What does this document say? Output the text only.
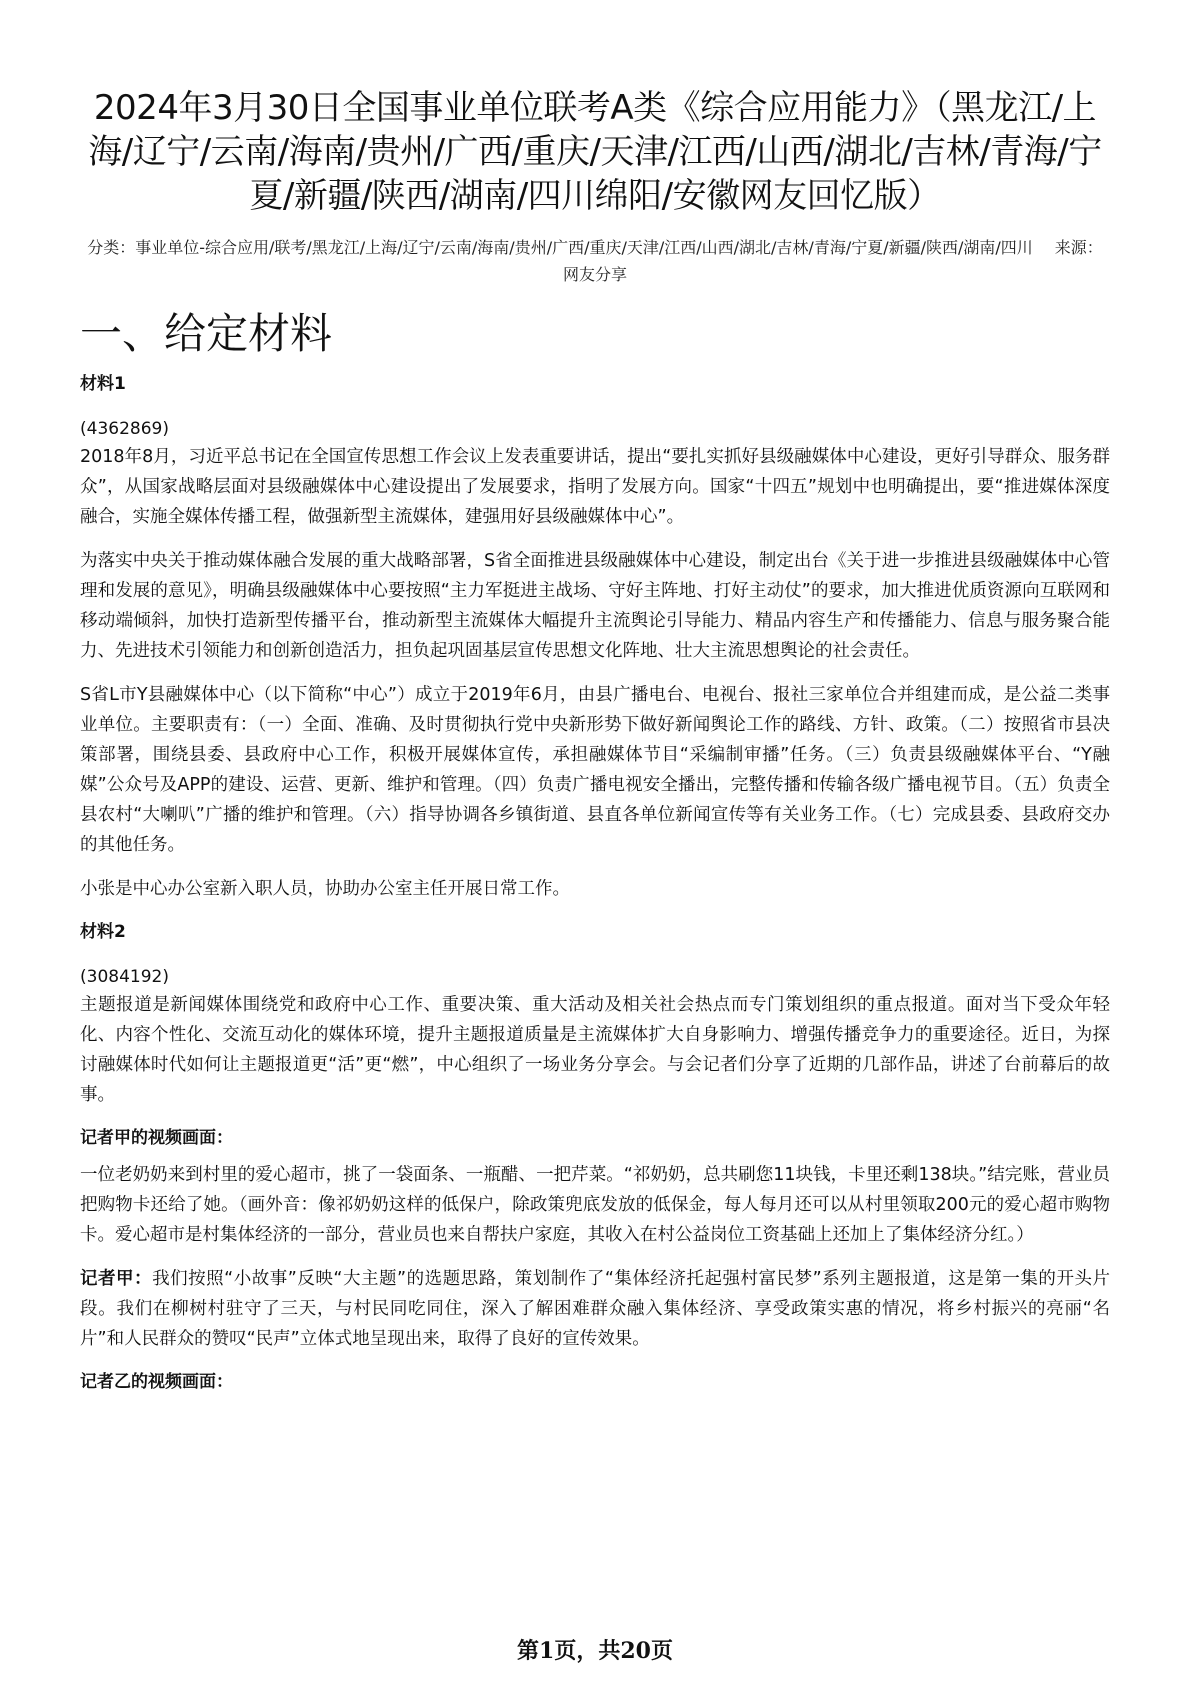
2024年3月30日全国事业单位联考A类《综合应用能力》（黑龙江/上海/辽宁/云南/海南/贵州/广西/重庆/天津/江西/山西/湖北/吉林/青海/宁夏/新疆/陕西/湖南/四川绵阳/安徽网友回忆版）
分类：事业单位-综合应用/联考/黑龙江/上海/辽宁/云南/海南/贵州/广西/重庆/天津/江西/山西/湖北/吉林/青海/宁夏/新疆/陕西/湖南/四川 来源：网友分享
一、给定材料
材料1
(4362869)

2018年8月，习近平总书记在全国宣传思想工作会议上发表重要讲话，提出“要扎实抓好县级融媒体中心建设，更好引导群众、服务群众”，从国家战略层面对县级融媒体中心建设提出了发展要求，指明了发展方向。国家“十四五”规划中也明确提出，要“推进媒体深度融合，实施全媒体传播工程，做强新型主流媒体，建强用好县级融媒体中心”。

为落实中央关于推动媒体融合发展的重大战略部署，S省全面推进县级融媒体中心建设，制定出台《关于进一步推进县级融媒体中心管理和发展的意见》，明确县级融媒体中心要按照“主力军挺进主战场、守好主阵地、打好主动仗”的要求，加大推进优质资源向互联网和移动端倾斜，加快打造新型传播平台，推动新型主流媒体大幅提升主流舆论引导能力、精品内容生产和传播能力、信息与服务聚合能力、先进技术引领能力和创新创造活力，担负起巩固基层宣传思想文化阵地、壮大主流思想舆论的社会责任。

S省L市Y县融媒体中心（以下简称“中心”）成立于2019年6月，由县广播电台、电视台、报社三家单位合并组建而成，是公益二类事业单位。主要职责有：（一）全面、准确、及时贯彻执行党中央新形势下做好新闻舆论工作的路线、方针、政策。（二）按照省市县决策部署，围绕县委、县政府中心工作，积极开展媒体宣传，承担融媒体节目“采编制审播”任务。（三）负责县级融媒体平台、“Y融媒”公众号及APP的建设、运营、更新、维护和管理。（四）负责广播电视安全播出，完整传播和传输各级广播电视节目。（五）负责全县农村“大喇叭”广播的维护和管理。（六）指导协调各乡镇街道、县直各单位新闻宣传等有关业务工作。（七）完成县委、县政府交办的其他任务。

小张是中心办公室新入职人员，协助办公室主任开展日常工作。

材料2
(3084192)

主题报道是新闻媒体围绕党和政府中心工作、重要决策、重大活动及相关社会热点而专门策划组织的重点报道。面对当下受众年轻化、内容个性化、交流互动化的媒体环境，提升主题报道质量是主流媒体扩大自身影响力、增强传播竞争力的重要途径。近日，为探讨融媒体时代如何让主题报道更“活”更“燃”，中心组织了一场业务分享会。与会记者们分享了近期的几部作品，讲述了台前幕后的故事。

记者甲的视频画面：

一位老奶奶来到村里的爱心超市，挑了一袋面条、一瓶醋、一把芹菜。“祁奶奶，总共刷您11块钱，卡里还剩138块。”结完账，营业员把购物卡还给了她。（画外音：像祁奶奶这样的低保户，除政策兜底发放的低保金，每人每月还可以从村里领取200元的爱心超市购物卡。爱心超市是村集体经济的一部分，营业员也来自帮扶户家庭，其收入在村公益岗位工资基础上还加上了集体经济分红。）

记者甲：我们按照“小故事”反映“大主题”的选题思路，策划制作了“集体经济托起强村富民梦”系列主题报道，这是第一集的开头片段。我们在柳树村驻守了三天，与村民同吃同住，深入了解困难群众融入集体经济、享受政策实惠的情况，将乡村振兴的亮丽“名片”和人民群众的赞叹“民声”立体式地呈现出来，取得了良好的宣传效果。

记者乙的视频画面：
第1页，共20页
